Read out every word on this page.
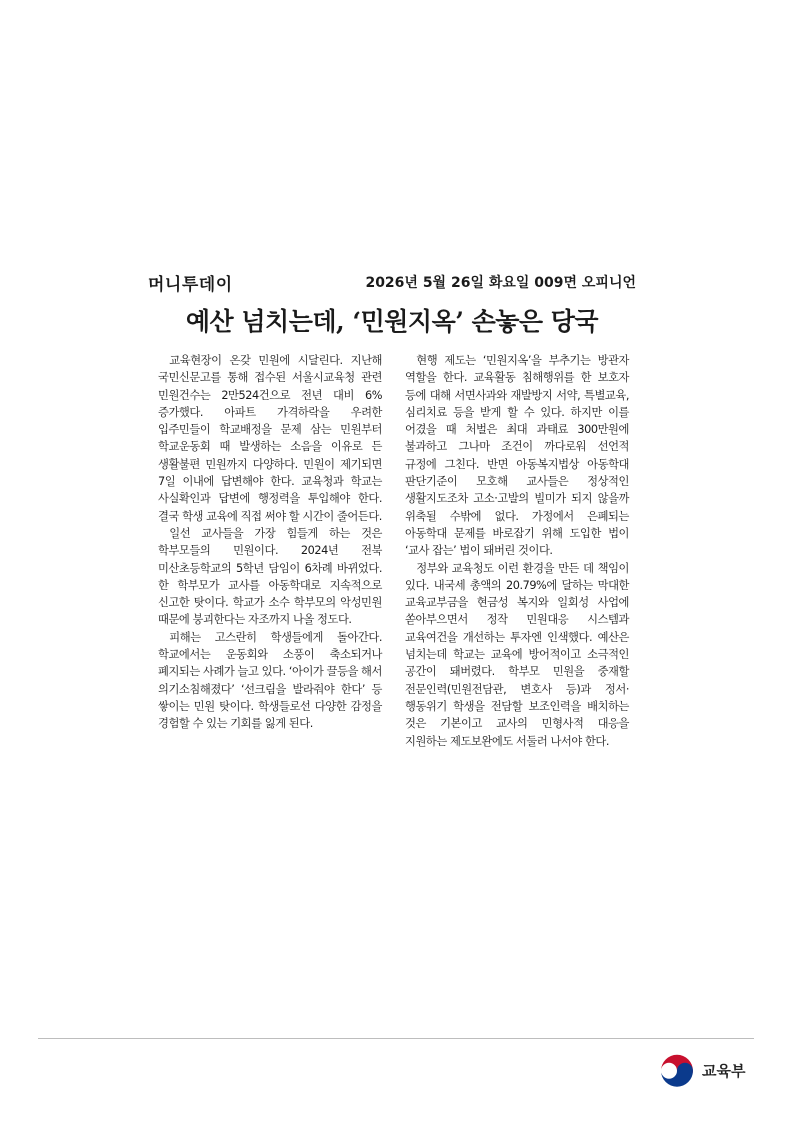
머니투데이	2026년 5월 26일 화요일 009면 오피니언
예산 넘치는데, ‘민원지옥’ 손놓은 당국

교육현장이 온갖 민원에 시달린다. 지난해 국민신문고를 통해 접수된 서울시교육청 관련 민원건수는 2만524건으로 전년 대비 6% 증가했다. 아파트 가격하락을 우려한 입주민들이 학교배정을 문제 삼는 민원부터 학교운동회 때 발생하는 소음을 이유로 든 생활불편 민원까지 다양하다. 민원이 제기되면 7일 이내에 답변해야 한다. 교육청과 학교는 사실확인과 답변에 행정력을 투입해야 한다. 결국 학생 교육에 직접 써야 할 시간이 줄어든다.

일선 교사들을 가장 힘들게 하는 것은 학부모들의 민원이다. 2024년 전북 미산초등학교의 5학년 담임이 6차례 바뀌었다. 한 학부모가 교사를 아동학대로 지속적으로 신고한 탓이다. 학교가 소수 학부모의 악성민원 때문에 붕괴한다는 자조까지 나올 정도다.

피해는 고스란히 학생들에게 돌아간다. 학교에서는 운동회와 소풍이 축소되거나 폐지되는 사례가 늘고 있다. ‘아이가 끌등을 해서 의기소침해졌다’ ‘선크림을 발라줘야 한다’ 등 쌓이는 민원 탓이다. 학생들로선 다양한 감정을 경험할 수 있는 기회를 잃게 된다.

현행 제도는 ‘민원지옥’을 부추기는 방관자 역할을 한다. 교육활동 침해행위를 한 보호자 등에 대해 서면사과와 재발방지 서약, 특별교육, 심리치료 등을 받게 할 수 있다. 하지만 이를 어겼을 때 처벌은 최대 과태료 300만원에 불과하고 그나마 조건이 까다로워 선언적 규정에 그친다. 반면 아동복지법상 아동학대 판단기준이 모호해 교사들은 정상적인 생활지도조차 고소·고발의 빌미가 되지 않을까 위축될 수밖에 없다. 가정에서 은폐되는 아동학대 문제를 바로잡기 위해 도입한 법이 ‘교사 잡는’ 법이 돼버린 것이다.

정부와 교육청도 이런 환경을 만든 데 책임이 있다. 내국세 총액의 20.79%에 달하는 막대한 교육교부금을 현금성 복지와 일회성 사업에 쏟아부으면서 정작 민원대응 시스템과 교육여건을 개선하는 투자엔 인색했다. 예산은 넘치는데 학교는 교육에 방어적이고 소극적인 공간이 돼버렸다. 학부모 민원을 중재할 전문인력(민원전담관, 변호사 등)과 정서·행동위기 학생을 전담할 보조인력을 배치하는 것은 기본이고 교사의 민형사적 대응을 지원하는 제도보완에도 서둘러 나서야 한다.

교육부
